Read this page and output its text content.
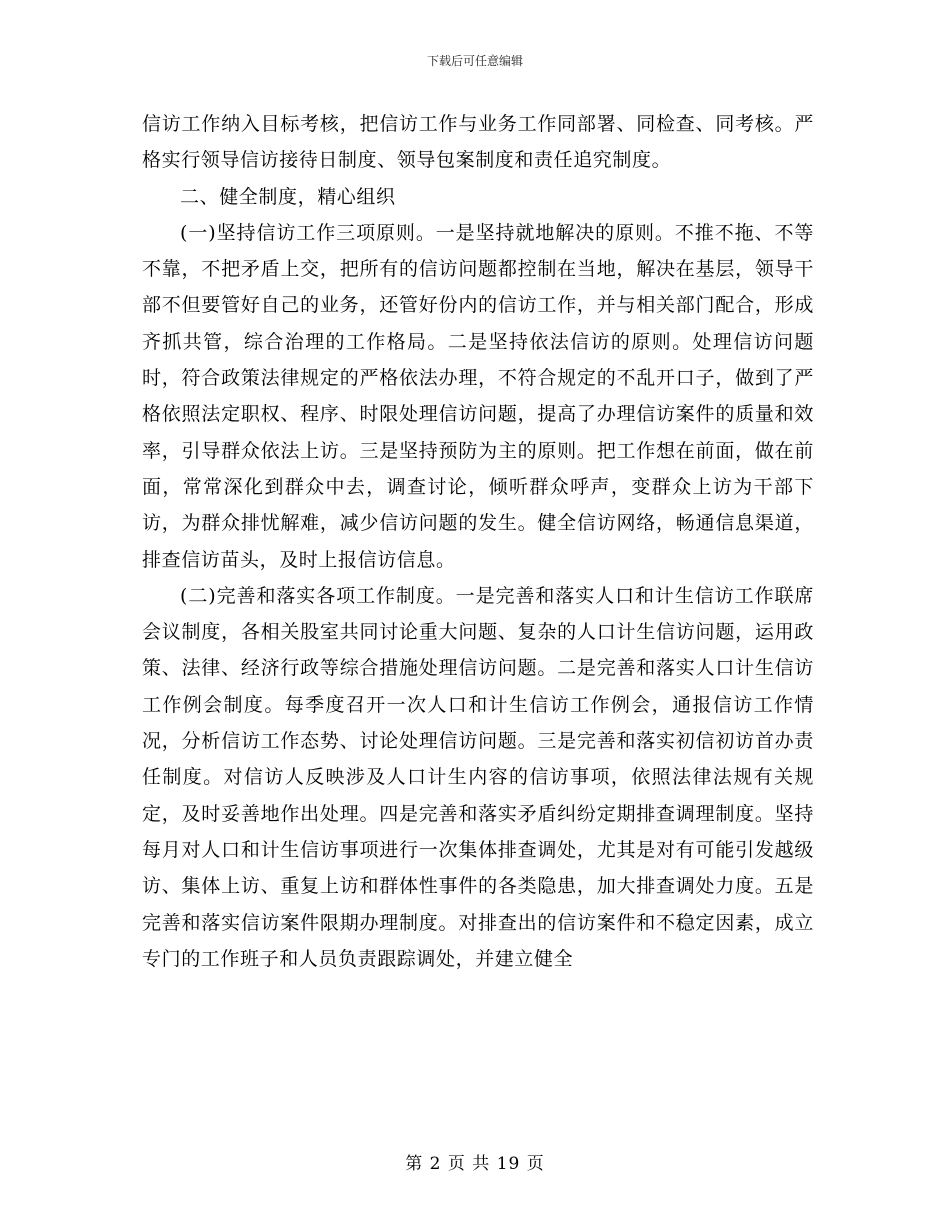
下载后可任意编辑

信访工作纳入目标考核，把信访工作与业务工作同部署、同检查、同考核。严格实行领导信访接待日制度、领导包案制度和责任追究制度。

二、健全制度，精心组织

(一)坚持信访工作三项原则。一是坚持就地解决的原则。不推不拖、不等不靠，不把矛盾上交，把所有的信访问题都控制在当地，解决在基层，领导干部不但要管好自己的业务，还管好份内的信访工作，并与相关部门配合，形成齐抓共管，综合治理的工作格局。二是坚持依法信访的原则。处理信访问题时，符合政策法律规定的严格依法办理，不符合规定的不乱开口子，做到了严格依照法定职权、程序、时限处理信访问题，提高了办理信访案件的质量和效率，引导群众依法上访。三是坚持预防为主的原则。把工作想在前面，做在前面，常常深化到群众中去，调查讨论，倾听群众呼声，变群众上访为干部下访，为群众排忧解难，减少信访问题的发生。健全信访网络，畅通信息渠道，排查信访苗头，及时上报信访信息。

(二)完善和落实各项工作制度。一是完善和落实人口和计生信访工作联席会议制度，各相关股室共同讨论重大问题、复杂的人口计生信访问题，运用政策、法律、经济行政等综合措施处理信访问题。二是完善和落实人口计生信访工作例会制度。每季度召开一次人口和计生信访工作例会，通报信访工作情况，分析信访工作态势、讨论处理信访问题。三是完善和落实初信初访首办责任制度。对信访人反映涉及人口计生内容的信访事项，依照法律法规有关规定，及时妥善地作出处理。四是完善和落实矛盾纠纷定期排查调理制度。坚持每月对人口和计生信访事项进行一次集体排查调处，尤其是对有可能引发越级访、集体上访、重复上访和群体性事件的各类隐患，加大排查调处力度。五是完善和落实信访案件限期办理制度。对排查出的信访案件和不稳定因素，成立专门的工作班子和人员负责跟踪调处，并建立健全

第 2 页 共 19 页
